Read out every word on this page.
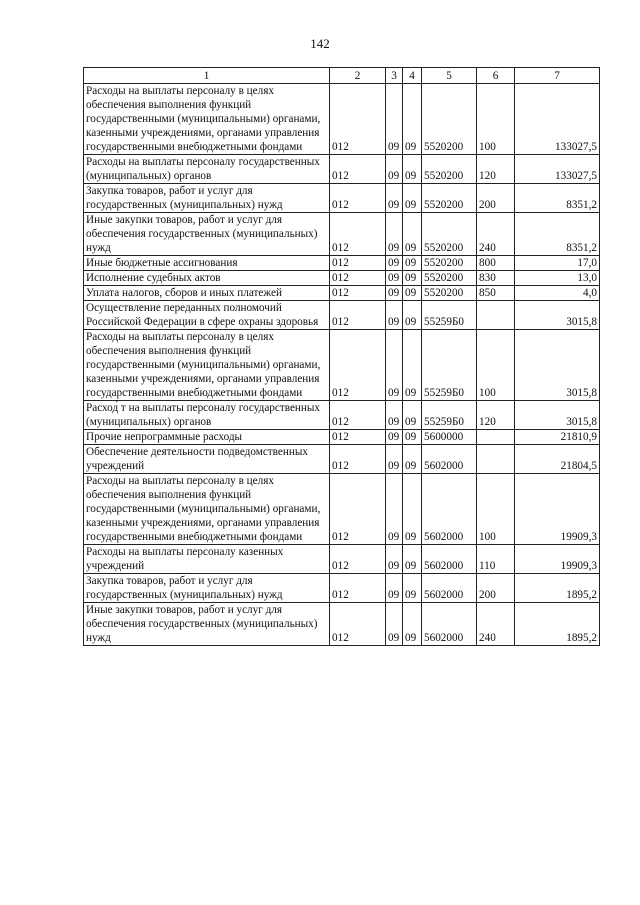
142
1	2	3	4	5	6	7
Расходы на выплаты персоналу в целях обеспечения выполнения функций государственными (муниципальными) органами, казенными учреждениями, органами управления государственными внебюджетными фондами	012	09	09	5520200	100	133027,5
Расходы на выплаты персоналу государственных (муниципальных) органов	012	09	09	5520200	120	133027,5
Закупка товаров, работ и услуг для государственных (муниципальных) нужд	012	09	09	5520200	200	8351,2
Иные закупки товаров, работ и услуг для обеспечения государственных (муниципальных) нужд	012	09	09	5520200	240	8351,2
Иные бюджетные ассигнования	012	09	09	5520200	800	17,0
Исполнение судебных актов	012	09	09	5520200	830	13,0
Уплата налогов, сборов и иных платежей	012	09	09	5520200	850	4,0
Осуществление переданных полномочий Российской Федерации в сфере охраны здоровья	012	09	09	55259Б0		3015,8
Расходы на выплаты персоналу в целях обеспечения выполнения функций государственными (муниципальными) органами, казенными учреждениями, органами управления государственными внебюджетными фондами	012	09	09	55259Б0	100	3015,8
Расход́ т на выплаты персоналу государственных (муниципальных) органов	012	09	09	55259Б0	120	3015,8
Прочие непрограммные расходы	012	09	09	5600000		21810,9
Обеспечение деятельности подведомственных учреждений	012	09	09	5602000		21804,5
Расходы на выплаты персоналу в целях обеспечения выполнения функций государственными (муниципальными) органами, казенными учреждениями, органами управления государственными внебюджетными фондами	012	09	09	5602000	100	19909,3
Расходы на выплаты персоналу казенных учреждений	012	09	09	5602000	110	19909,3
Закупка товаров, работ и услуг для государственных (муниципальных) нужд	012	09	09	5602000	200	1895,2
Иные закупки товаров, работ и услуг для обеспечения государственных (муниципальных) нужд	012	09	09	5602000	240	1895,2
